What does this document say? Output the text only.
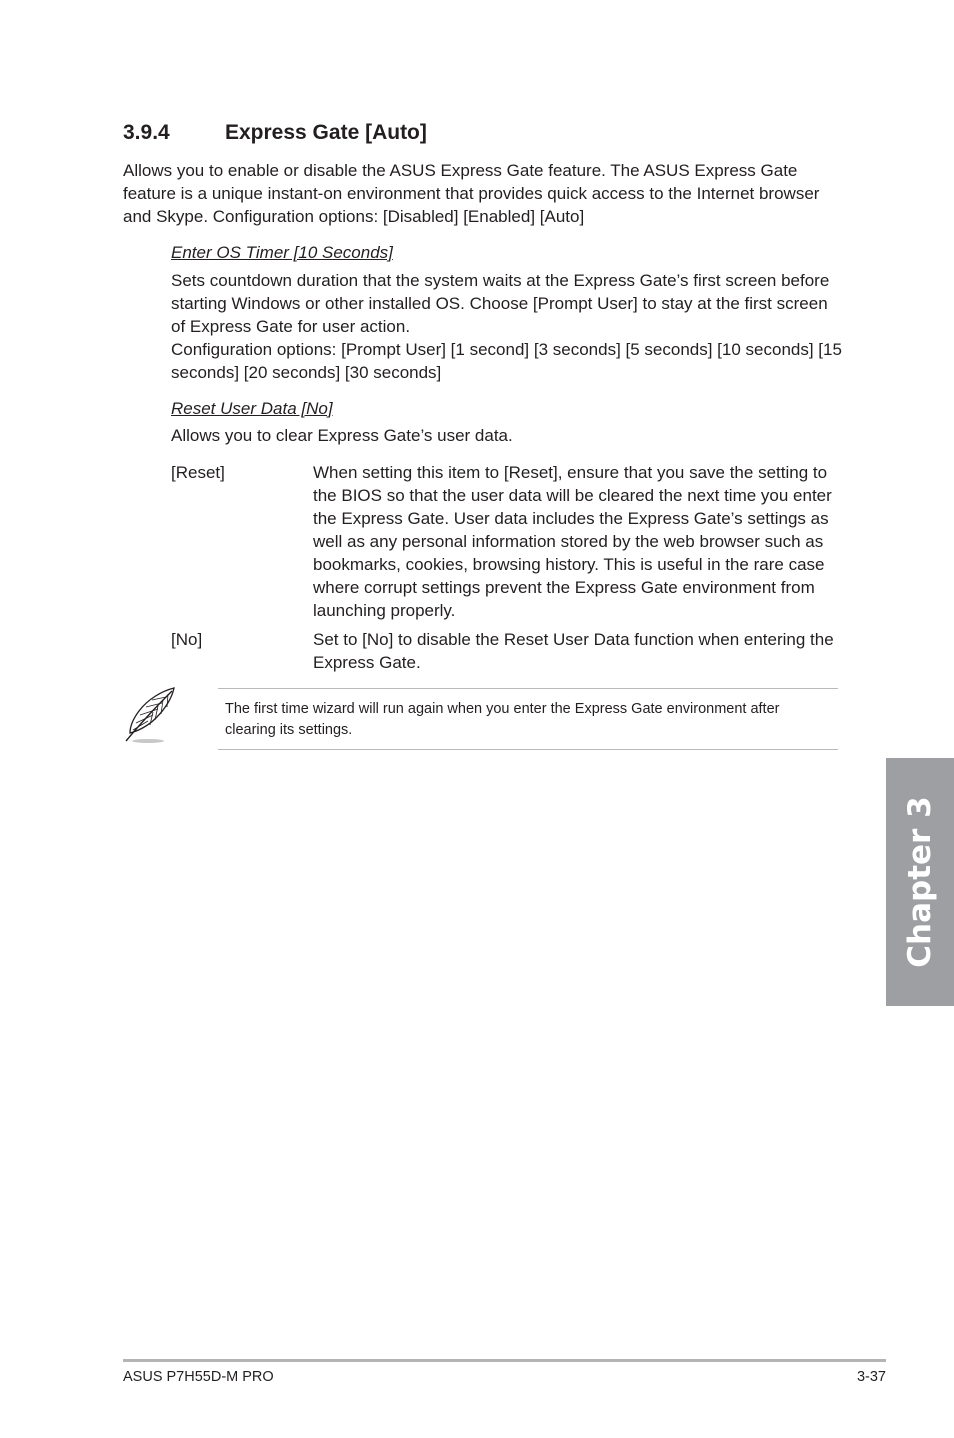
3.9.4	Express Gate [Auto]

Allows you to enable or disable the ASUS Express Gate feature. The ASUS Express Gate feature is a unique instant-on environment that provides quick access to the Internet browser and Skype. Configuration options: [Disabled] [Enabled] [Auto]

Enter OS Timer [10 Seconds]

Sets countdown duration that the system waits at the Express Gate’s first screen before starting Windows or other installed OS. Choose [Prompt User] to stay at the first screen of Express Gate for user action.

Configuration options: [Prompt User] [1 second] [3 seconds] [5 seconds] [10 seconds] [15 seconds] [20 seconds] [30 seconds]

Reset User Data [No]

Allows you to clear Express Gate’s user data.

[Reset]	When setting this item to [Reset], ensure that you save the setting to the BIOS so that the user data will be cleared the next time you enter the Express Gate. User data includes the Express Gate’s settings as well as any personal information stored by the web browser such as bookmarks, cookies, browsing history. This is useful in the rare case where corrupt settings prevent the Express Gate environment from launching properly.
[No]	Set to [No] to disable the Reset User Data function when entering the Express Gate.
The first time wizard will run again when you enter the Express Gate environment after clearing its settings.
Chapter 3
ASUS P7H55D-M PRO	3-37
